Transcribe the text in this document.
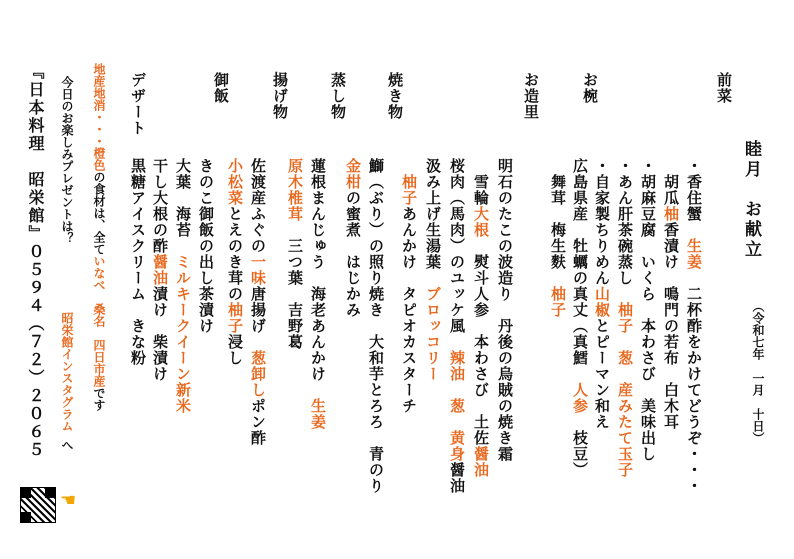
睦月　お献立
（令和七年　一月　十日）
前菜
・香住蟹　生姜　二杯酢をかけてどうぞ・・・
　胡瓜柚香漬け　鳴門の若布　白木耳
・胡麻豆腐　いくら　本わさび　美味出し
・あん肝茶碗蒸し　柚子　葱　産みたて玉子
・自家製ちりめん山椒とピーマン和え
お椀
広島県産　牡蠣の真丈（真鱈　人参　枝豆）
　舞茸　梅生麩　柚子
お造里
明石のたこの波造り　丹後の烏賊の焼き霜
　雪輪大根　熨斗人参　本わさび　土佐醤油
桜肉（馬肉）のユッケ風　辣油　葱　黄身醤油
汲み上げ生湯葉　ブロッコリー
　柚子あんかけ　タピオカスターチ
焼き物
鰤（ぶり）の照り焼き　大和芋とろろ　青のり
金柑の蜜煮　はじかみ
蒸し物
蓮根まんじゅう　海老あんかけ　生姜
原木椎茸　三つ葉　吉野葛
揚げ物
佐渡産ふぐの一味唐揚げ　葱卸しポン酢
小松菜とえのき茸の柚子浸し
御飯
きのこ御飯の出し茶漬け
大葉　海苔　ミルキークイーン新米
干し大根の酢醤油漬け　柴漬け
デザート
黒糖アイスクリーム　きな粉
地産地消・・・橙色の食材は、全ていなべ　桑名　四日市産です
今日のお楽しみプレゼントは？
昭栄館インスタグラム
へ
『日本料理　昭栄館』０５９４（７２）２０６５
☚
